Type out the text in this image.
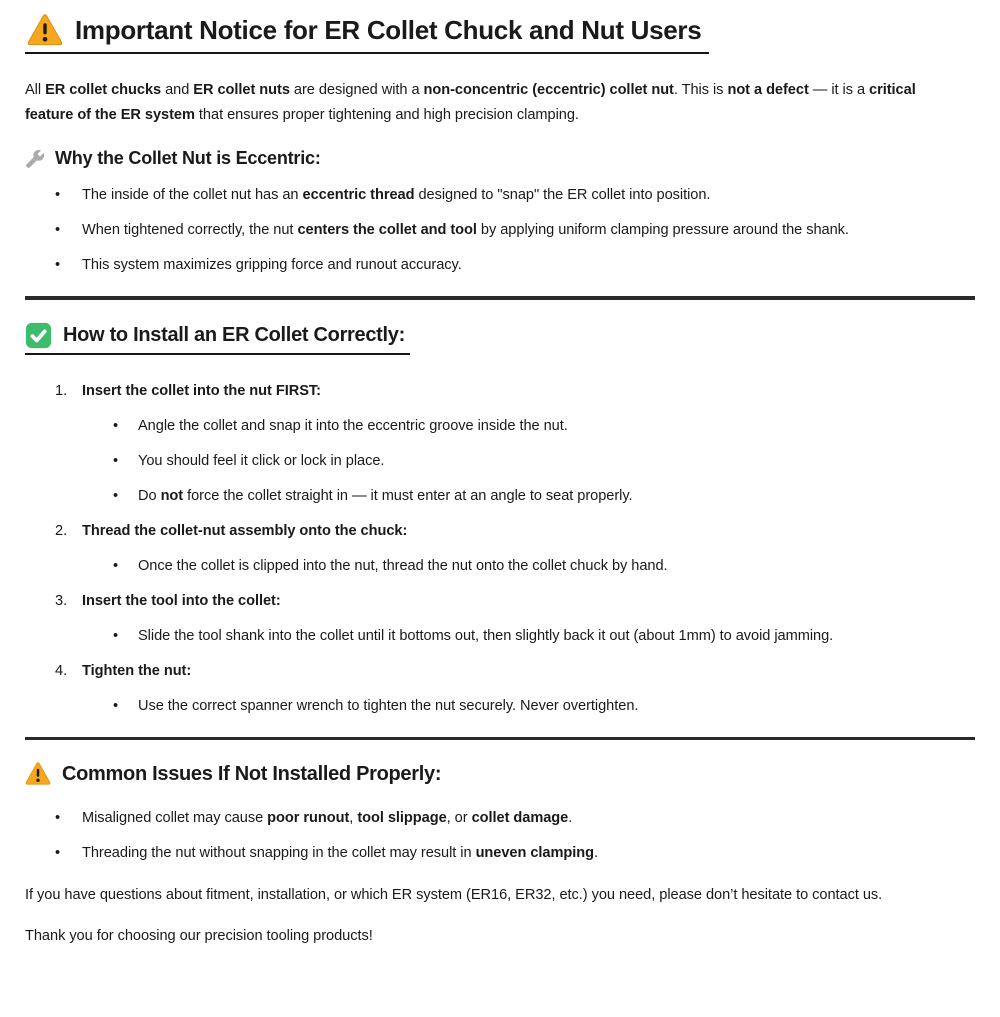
Important Notice for ER Collet Chuck and Nut Users

All ER collet chucks and ER collet nuts are designed with a non-concentric (eccentric) collet nut. This is not a defect — it is a critical feature of the ER system that ensures proper tightening and high precision clamping.

Why the Collet Nut is Eccentric:
•	The inside of the collet nut has an eccentric thread designed to "snap" the ER collet into position.
•	When tightened correctly, the nut centers the collet and tool by applying uniform clamping pressure around the shank.
•	This system maximizes gripping force and runout accuracy.
How to Install an ER Collet Correctly:
1.	Insert the collet into the nut FIRST:
•	Angle the collet and snap it into the eccentric groove inside the nut.
•	You should feel it click or lock in place.
•	Do not force the collet straight in — it must enter at an angle to seat properly.
2.	Thread the collet-nut assembly onto the chuck:
•	Once the collet is clipped into the nut, thread the nut onto the collet chuck by hand.
3.	Insert the tool into the collet:
•	Slide the tool shank into the collet until it bottoms out, then slightly back it out (about 1mm) to avoid jamming.
4.	Tighten the nut:
•	Use the correct spanner wrench to tighten the nut securely. Never overtighten.
Common Issues If Not Installed Properly:
•	Misaligned collet may cause poor runout, tool slippage, or collet damage.
•	Threading the nut without snapping in the collet may result in uneven clamping.

If you have questions about fitment, installation, or which ER system (ER16, ER32, etc.) you need, please don’t hesitate to contact us.

Thank you for choosing our precision tooling products!
